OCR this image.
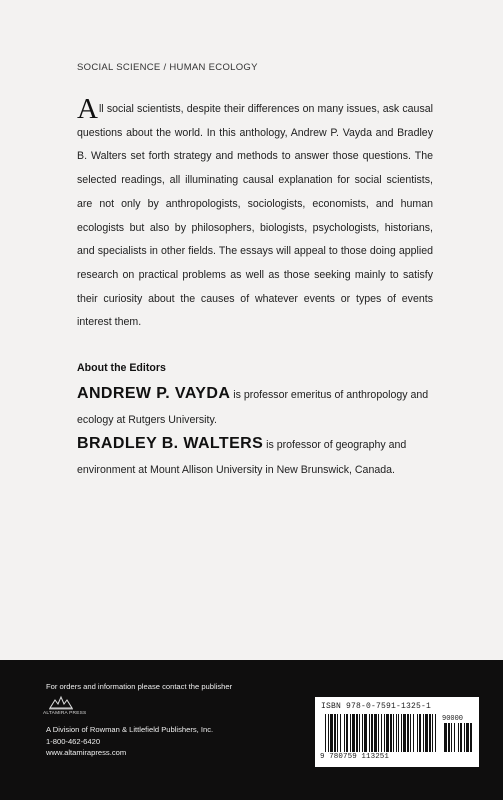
SOCIAL SCIENCE / HUMAN ECOLOGY

All social scientists, despite their differences on many issues, ask causal questions about the world. In this anthology, Andrew P. Vayda and Bradley B. Walters set forth strategy and methods to answer those questions. The selected readings, all illuminating causal explanation for social scientists, are not only by anthropologists, sociologists, economists, and human ecologists but also by philosophers, biologists, psychologists, historians, and specialists in other fields. The essays will appeal to those doing applied research on practical problems as well as those seeking mainly to satisfy their curiosity about the causes of whatever events or types of events interest them.

About the Editors

ANDREW P. VAYDA is professor emeritus of anthropology and ecology at Rutgers University.

BRADLEY B. WALTERS is professor of geography and environment at Mount Allison University in New Brunswick, Canada.

For orders and information please contact the publisher
ALTAMIRA PRESS
A Division of Rowman & Littlefield Publishers, Inc.
1-800-462-6420
www.altamirapress.com
ISBN 978-0-7591-1325-1
90000
9 780759 113251
